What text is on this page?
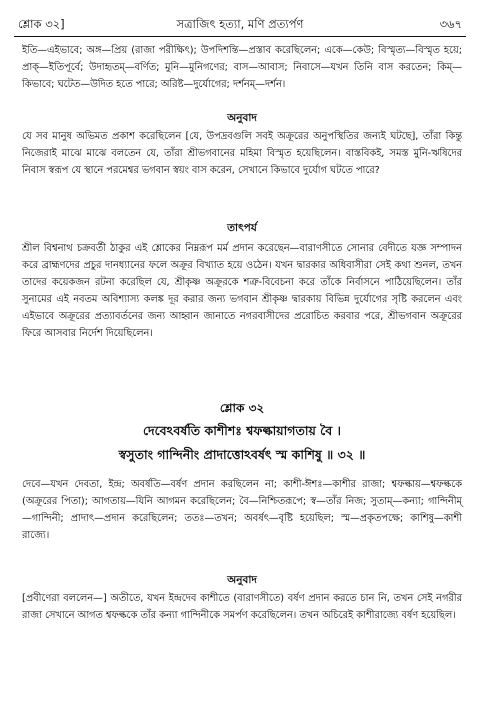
শ্লোক ৩২]	সত্রাজিৎ হত্যা, মণি প্রত্যর্পণ	৩৬৭
ইতি—এইভাবে; অঙ্গ—প্রিয় (রাজা পরীক্ষিৎ); উপদিশন্তি—প্রস্তাব করেছিলেন; একে—কেউ; বিস্মৃত্য—বিস্মৃত হয়ে; প্রাক্—ইতিপূর্বে; উদাহৃতম্—বর্ণিত; মুনি—মুনিগণের; বাস—আবাস; নিবাসে—যখন তিনি বাস করতেন; কিম্—কিভাবে; ঘটেত—উদিত হতে পারে; অরিষ্ট—দুর্যোগের; দর্শনম্—দর্শন।
অনুবাদ
যে সব মানুষ অভিমত প্রকাশ করেছিলেন [যে, উপদ্রবগুলি সবই অক্রূরের অনুপস্থিতির জন্যই ঘটছে], তাঁরা কিন্তু নিজেরাই মাঝে মাঝে বলতেন যে, তাঁরা শ্রীভগবানের মহিমা বিস্মৃত হয়েছিলেন। বাস্তবিকই, সমস্ত মুনি-ঋষিদের নিবাস স্বরূপ যে স্থানে পরমেশ্বর ভগবান স্বয়ং বাস করেন, সেখানে কিভাবে দুর্যোগ ঘটতে পারে?
তাৎপর্য
শ্রীল বিশ্বনাথ চক্রবর্তী ঠাকুর এই শ্লোকের নিম্নরূপ মর্ম প্রদান করেছেন—বারাণসীতে সোনার বেদীতে যজ্ঞ সম্পাদন করে ব্রাহ্মণদের প্রচুর দানধ্যানের ফলে অক্রূর বিখ্যাত হয়ে ওঠেন। যখন দ্বারকার অধিবাসীরা সেই কথা শুনল, তখন তাদের কয়েকজন রটনা করেছিল যে, শ্রীকৃষ্ণ অক্রূরকে শত্রু-বিবেচনা করে তাঁকে নির্বাসনে পাঠিয়েছিলেন। তাঁর সুনামের এই নবতম অবিশ্যাস্য কলঙ্ক দূর করার জন্য ভগবান শ্রীকৃষ্ণ দ্বারকায় বিভিন্ন দুর্যোগের সৃষ্টি করলেন এবং এইভাবে অক্রূরের প্রত্যাবর্তনের জন্য আহ্বান জানাতে নগরবাসীদের প্ররোচিত করবার পরে, শ্রীভগবান অক্রূরের ফিরে আসবার নির্দেশ দিয়েছিলেন।
শ্লোক ৩২
দেবেঽবর্ষতি কাশীশঃ শ্বফল্কায়াগতায় বৈ ।
স্বসুতাং গান্দিনীং প্রাদাত্তোঽবর্ষৎ স্ম কাশিষু ॥ ৩২ ॥
দেবে—যখন দেবতা, ইন্দ্র; অবর্ষতি—বর্ষণ প্রদান করছিলেন না; কাশী-ঈশঃ—কাশীর রাজা; শ্বফল্কায়—শ্বফল্ককে (অক্রূরের পিতা); আগতায়—যিনি আগমন করেছিলেন; বৈ—নিশ্চিতরূপে; স্ব—তাঁর নিজ; সুতাম্—কন্যা; গান্দিনীম্—গান্দিনী; প্রাদাৎ—প্রদান করেছিলেন; ততঃ—তখন; অবর্ষৎ—বৃষ্টি হয়েছিল; স্ম—প্রকৃতপক্ষে; কাশিষু—কাশী রাজ্যে।
অনুবাদ
[প্রবীণেরা বললেন—] অতীতে, যখন ইন্দ্রদেব কাশীতে (বারাণসীতে) বর্ষণ প্রদান করতে চান নি, তখন সেই নগরীর রাজা সেখানে আগত শ্বফল্ককে তাঁর কন্যা গান্দিনীকে সমর্পণ করেছিলেন। তখন অচিরেই কাশীরাজ্যে বর্ষণ হয়েছিল।
